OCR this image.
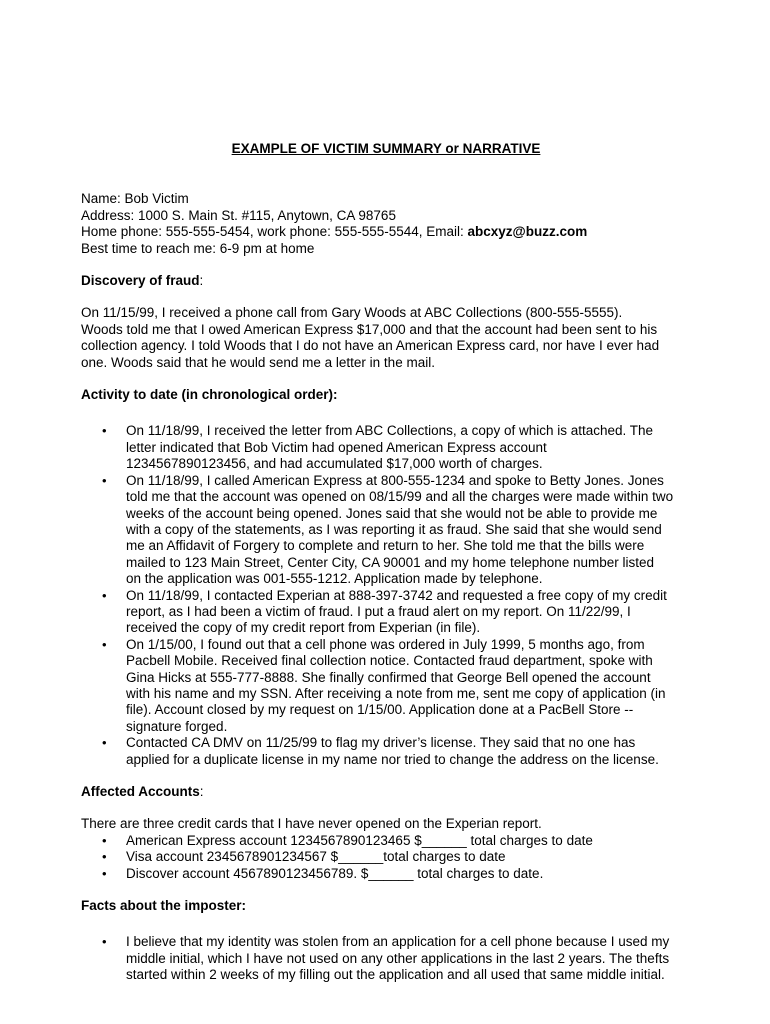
EXAMPLE OF VICTIM SUMMARY or NARRATIVE
Name: Bob Victim
Address: 1000 S. Main St. #115, Anytown, CA 98765
Home phone: 555-555-5454, work phone: 555-555-5544, Email: abcxyz@buzz.com
Best time to reach me: 6-9 pm at home
Discovery of fraud:
On 11/15/99, I received a phone call from Gary Woods at ABC Collections (800-555-5555).
Woods told me that I owed American Express $17,000 and that the account had been sent to his
collection agency. I told Woods that I do not have an American Express card, nor have I ever had
one. Woods said that he would send me a letter in the mail.
Activity to date (in chronological order):
• On 11/18/99, I received the letter from ABC Collections, a copy of which is attached. The
letter indicated that Bob Victim had opened American Express account
1234567890123456, and had accumulated $17,000 worth of charges.
• On 11/18/99, I called American Express at 800-555-1234 and spoke to Betty Jones. Jones
told me that the account was opened on 08/15/99 and all the charges were made within two
weeks of the account being opened. Jones said that she would not be able to provide me
with a copy of the statements, as I was reporting it as fraud. She said that she would send
me an Affidavit of Forgery to complete and return to her. She told me that the bills were
mailed to 123 Main Street, Center City, CA 90001 and my home telephone number listed
on the application was 001-555-1212. Application made by telephone.
• On 11/18/99, I contacted Experian at 888-397-3742 and requested a free copy of my credit
report, as I had been a victim of fraud. I put a fraud alert on my report. On 11/22/99, I
received the copy of my credit report from Experian (in file).
• On 1/15/00, I found out that a cell phone was ordered in July 1999, 5 months ago, from
Pacbell Mobile. Received final collection notice. Contacted fraud department, spoke with
Gina Hicks at 555-777-8888. She finally confirmed that George Bell opened the account
with his name and my SSN. After receiving a note from me, sent me copy of application (in
file). Account closed by my request on 1/15/00. Application done at a PacBell Store --
signature forged.
• Contacted CA DMV on 11/25/99 to flag my driver’s license. They said that no one has
applied for a duplicate license in my name nor tried to change the address on the license.
Affected Accounts:
There are three credit cards that I have never opened on the Experian report.
• American Express account 1234567890123465 $______ total charges to date
• Visa account 2345678901234567 $______total charges to date
• Discover account 4567890123456789. $______ total charges to date.
Facts about the imposter:
• I believe that my identity was stolen from an application for a cell phone because I used my
middle initial, which I have not used on any other applications in the last 2 years. The thefts
started within 2 weeks of my filling out the application and all used that same middle initial.
